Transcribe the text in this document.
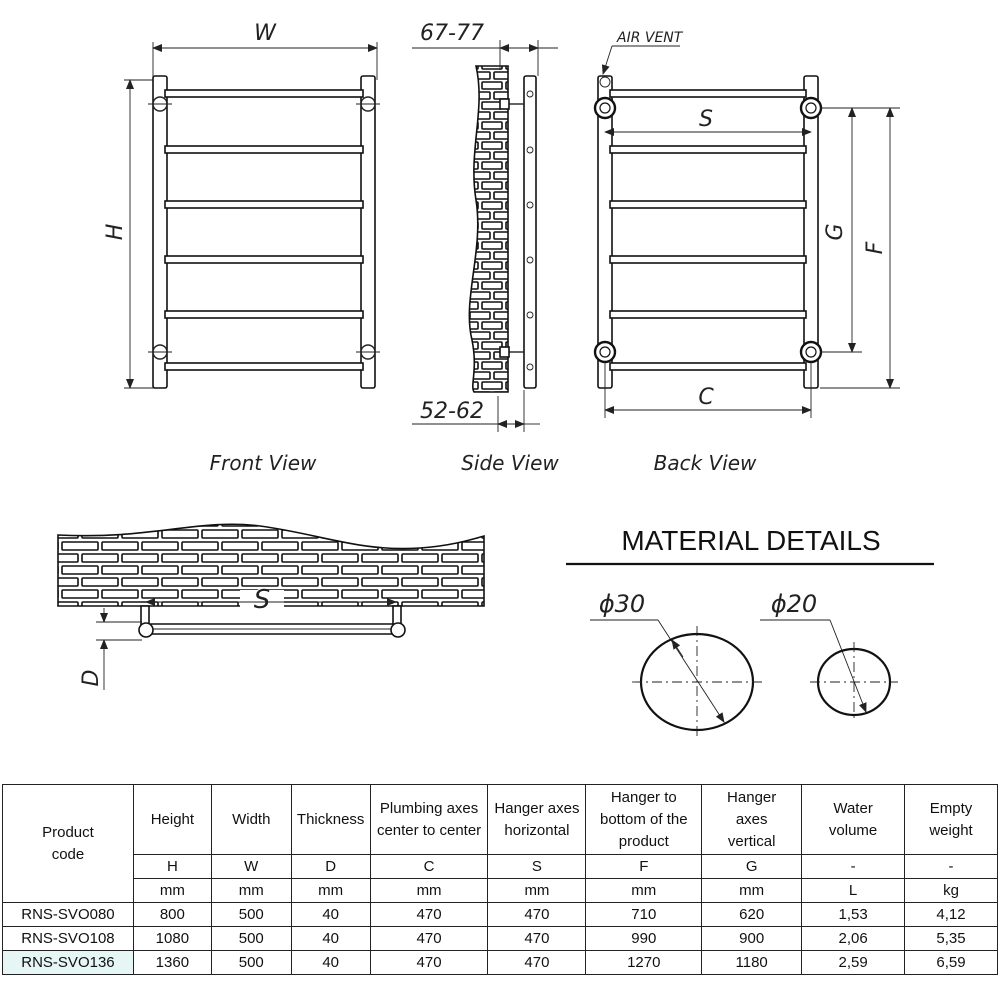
W
H
Front View
67-77
52-62
Side View
AIR VENT
S
G
F
C
Back View
S
D
MATERIAL DETAILS
ϕ30	ϕ20
Product code	Height	Width	Thickness	Plumbing axes center to center	Hanger axes horizontal	Hanger to bottom of the product	Hanger axes vertical	Water volume	Empty weight
	H	W	D	C	S	F	G	-	-
	mm	mm	mm	mm	mm	mm	mm	L	kg
RNS-SVO080	800	500	40	470	470	710	620	1,53	4,12
RNS-SVO108	1080	500	40	470	470	990	900	2,06	5,35
RNS-SVO136	1360	500	40	470	470	1270	1180	2,59	6,59
